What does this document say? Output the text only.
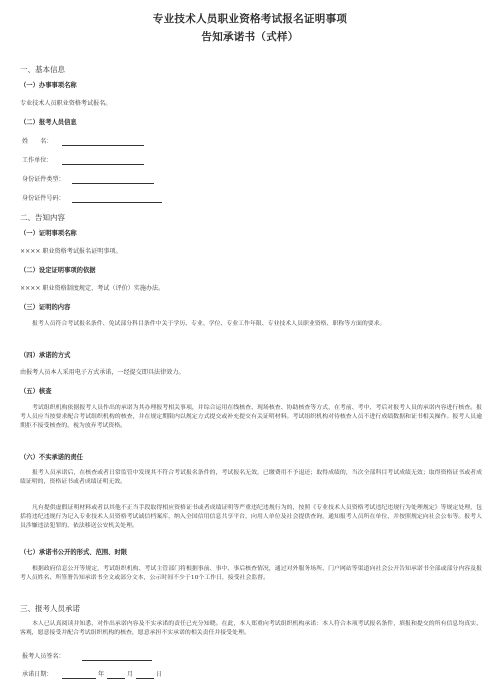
专业技术人员职业资格考试报名证明事项
告知承诺书（式样）
一、基本信息
（一）办事事项名称
专业技术人员职业资格考试报名。
（二）报考人员信息
姓　　名：
工作单位：
身份证件类型：
身份证件号码：
二、告知内容
（一）证明事项名称
×××× 职业资格考试报名证明事项。
（二）设定证明事项的依据
×××× 职业资格制度规定、考试（评价）实施办法。
（三）证明的内容
报考人员符合考试报名条件、免试部分科目条件中关于学历、专业、学位、专业工作年限、专业技术人员职业资格、职称等方面的要求。
（四）承诺的方式
由报考人员本人采用电子方式承诺，一经提交即具法律效力。
（五）核查
考试组织机构依据报考人员作出的承诺为其办理报考相关事项，并综合运用在线核查、现场核查、协助核查等方式，在考前、考中、考后对报考人员的承诺内容进行核查。报考人员应当按要求配合考试组织机构的核查，并在规定期限内以规定方式提交或补充提交有关证明材料。考试组织机构对待核查人员不进行成绩数据和证书相关操作。报考人员逾期拒不接受核查的，视为放弃考试资格。
（六）不实承诺的责任
报考人员承诺后，在核查或者日常监管中发现其不符合考试报名条件的，考试报名无效，已缴费用不予退还；取得成绩的，当次全部科目考试成绩无效；取得资格证书或者成绩证明的，资格证书或者成绩证明无效。
凡有提供虚假证明材料或者以其他不正当手段取得相应资格证书或者成绩证明等严重违纪违规行为的，按照《专业技术人员资格考试违纪违规行为处理规定》等规定处理，包括将违纪违规行为记入专业技术人员资格考试诚信档案库，纳入全国信用信息共享平台，向用人单位及社会提供查询，通知报考人员所在单位，并按照规定向社会公布等。报考人员涉嫌违法犯罪的，依法移送公安机关处理。
（七）承诺书公开的形式、范围、时限
根据政府信息公开等规定，考试组织机构、考试主管部门将根据事前、事中、事后核查情况，通过对外服务场所、门户网站等渠道向社会公开告知承诺书全部或部分内容及报考人员姓名、所签署告知承诺书全文或部分文本，公示时间不少于10个工作日，接受社会监督。
三、报考人员承诺
本人已认真阅读并知悉，对作出承诺内容及不实承诺的责任已充分知晓。在此，本人郑重向考试组织机构承诺：本人符合本项考试报名条件，填报和提交的所有信息均真实、客观，愿意接受并配合考试组织机构的核查，愿意承担不实承诺的相关责任并接受处理。
报考人员签名：
承诺日期：	年	月	日
